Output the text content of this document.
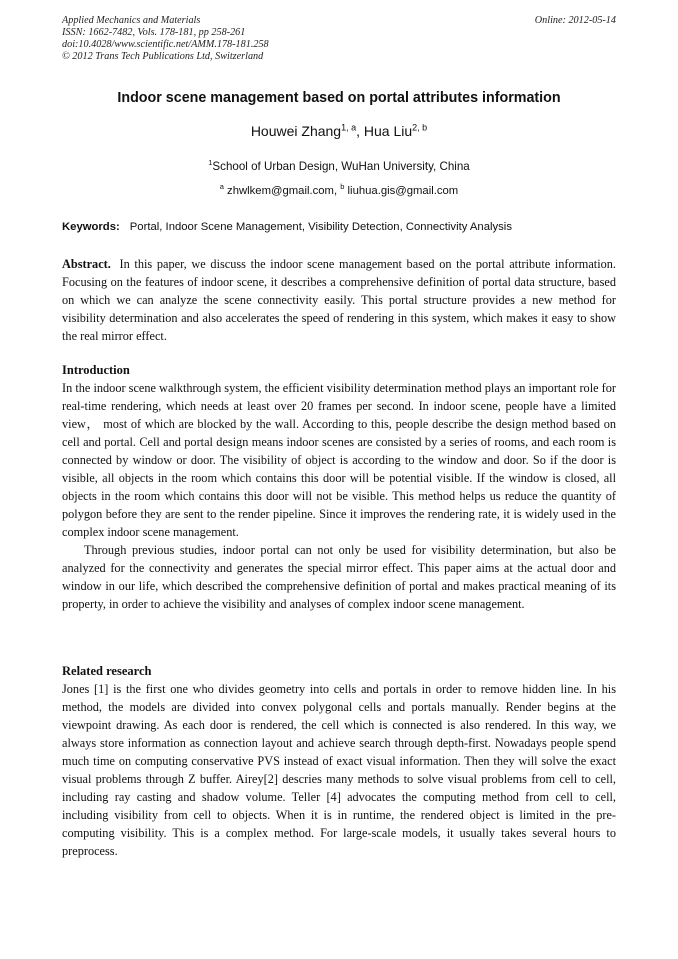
Applied Mechanics and Materials
ISSN: 1662-7482, Vols. 178-181, pp 258-261
doi:10.4028/www.scientific.net/AMM.178-181.258
© 2012 Trans Tech Publications Ltd, Switzerland
Online: 2012-05-14
Indoor scene management based on portal attributes information
Houwei Zhang$^{1, a}$, Hua Liu$^{2, b}$
$^1$School of Urban Design, WuHan University, China
$^a$ zhwlkem@gmail.com, $^b$ liuhua.gis@gmail.com
Keywords: Portal, Indoor Scene Management, Visibility Detection, Connectivity Analysis
Abstract. In this paper, we discuss the indoor scene management based on the portal attribute information. Focusing on the features of indoor scene, it describes a comprehensive definition of portal data structure, based on which we can analyze the scene connectivity easily. This portal structure provides a new method for visibility determination and also accelerates the speed of rendering in this system, which makes it easy to show the real mirror effect.
Introduction

In the indoor scene walkthrough system, the efficient visibility determination method plays an important role for real-time rendering, which needs at least over 20 frames per second. In indoor scene, people have a limited view， most of which are blocked by the wall. According to this, people describe the design method based on cell and portal. Cell and portal design means indoor scenes are consisted by a series of rooms, and each room is connected by window or door. The visibility of object is according to the window and door. So if the door is visible, all objects in the room which contains this door will be potential visible. If the window is closed, all objects in the room which contains this door will not be visible. This method helps us reduce the quantity of polygon before they are sent to the render pipeline. Since it improves the rendering rate, it is widely used in the complex indoor scene management.

Through previous studies, indoor portal can not only be used for visibility determination, but also be analyzed for the connectivity and generates the special mirror effect. This paper aims at the actual door and window in our life, which described the comprehensive definition of portal and makes practical meaning of its property, in order to achieve the visibility and analyses of complex indoor scene management.

Related research

Jones [1] is the first one who divides geometry into cells and portals in order to remove hidden line. In his method, the models are divided into convex polygonal cells and portals manually. Render begins at the viewpoint drawing. As each door is rendered, the cell which is connected is also rendered. In this way, we always store information as connection layout and achieve search through depth-first. Nowadays people spend much time on computing conservative PVS instead of exact visual information. Then they will solve the exact visual problems through Z buffer. Airey[2] descries many methods to solve visual problems from cell to cell, including ray casting and shadow volume. Teller [4] advocates the computing method from cell to cell, including visibility from cell to objects. When it is in runtime, the rendered object is limited in the pre-computing visibility. This is a complex method. For large-scale models, it usually takes several hours to preprocess.
